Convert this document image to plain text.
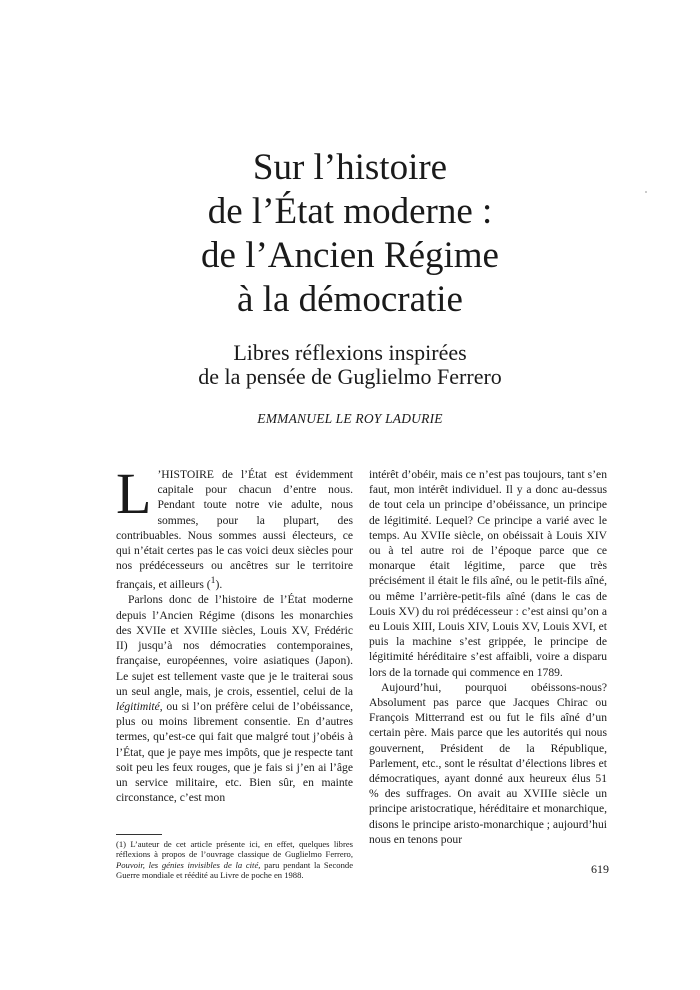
Sur l’histoire
de l’État moderne :
de l’Ancien Régime
à la démocratie
Libres réflexions inspirées
de la pensée de Guglielmo Ferrero
EMMANUEL LE ROY LADURIE

L ’HISTOIRE de l’État est évidemment capitale pour chacun d’entre nous. Pendant toute notre vie adulte, nous sommes, pour la plupart, des contribuables. Nous sommes aussi électeurs, ce qui n’était certes pas le cas voici deux siècles pour nos prédécesseurs ou ancêtres sur le territoire français, et ailleurs ($^1$).

Parlons donc de l’histoire de l’État moderne depuis l’Ancien Régime (disons les monarchies des XVIIe et XVIIIe siècles, Louis XV, Frédéric II) jusqu’à nos démocraties contemporaines, française, européennes, voire asiatiques (Japon). Le sujet est tellement vaste que je le traiterai sous un seul angle, mais, je crois, essentiel, celui de la légitimité, ou si l’on préfère celui de l’obéissance, plus ou moins librement consentie. En d’autres termes, qu’est-ce qui fait que malgré tout j’obéis à l’État, que je paye mes impôts, que je respecte tant soit peu les feux rouges, que je fais si j’en ai l’âge un service militaire, etc. Bien sûr, en mainte circonstance, c’est mon

intérêt d’obéir, mais ce n’est pas toujours, tant s’en faut, mon intérêt individuel. Il y a donc au-dessus de tout cela un principe d’obéissance, un principe de légitimité. Lequel? Ce principe a varié avec le temps. Au XVIIe siècle, on obéissait à Louis XIV ou à tel autre roi de l’époque parce que ce monarque était légitime, parce que très précisément il était le fils aîné, ou le petit-fils aîné, ou même l’arrière-petit-fils aîné (dans le cas de Louis XV) du roi prédécesseur : c’est ainsi qu’on a eu Louis XIII, Louis XIV, Louis XV, Louis XVI, et puis la machine s’est grippée, le principe de légitimité héréditaire s’est affaibli, voire a disparu lors de la tornade qui commence en 1789.

Aujourd’hui, pourquoi obéissons-nous? Absolument pas parce que Jacques Chirac ou François Mitterrand est ou fut le fils aîné d’un certain père. Mais parce que les autorités qui nous gouvernent, Président de la République, Parlement, etc., sont le résultat d’élections libres et démocratiques, ayant donné aux heureux élus 51 % des suffrages. On avait au XVIIIe siècle un principe aristocratique, héréditaire et monarchique, disons le principe aristo-monarchique ; aujourd’hui nous en tenons pour

(1) L’auteur de cet article présente ici, en effet, quelques libres réflexions à propos de l’ouvrage classique de Guglielmo Ferrero, Pouvoir, les génies invisibles de la cité, paru pendant la Seconde Guerre mondiale et réédité au Livre de poche en 1988.	619
